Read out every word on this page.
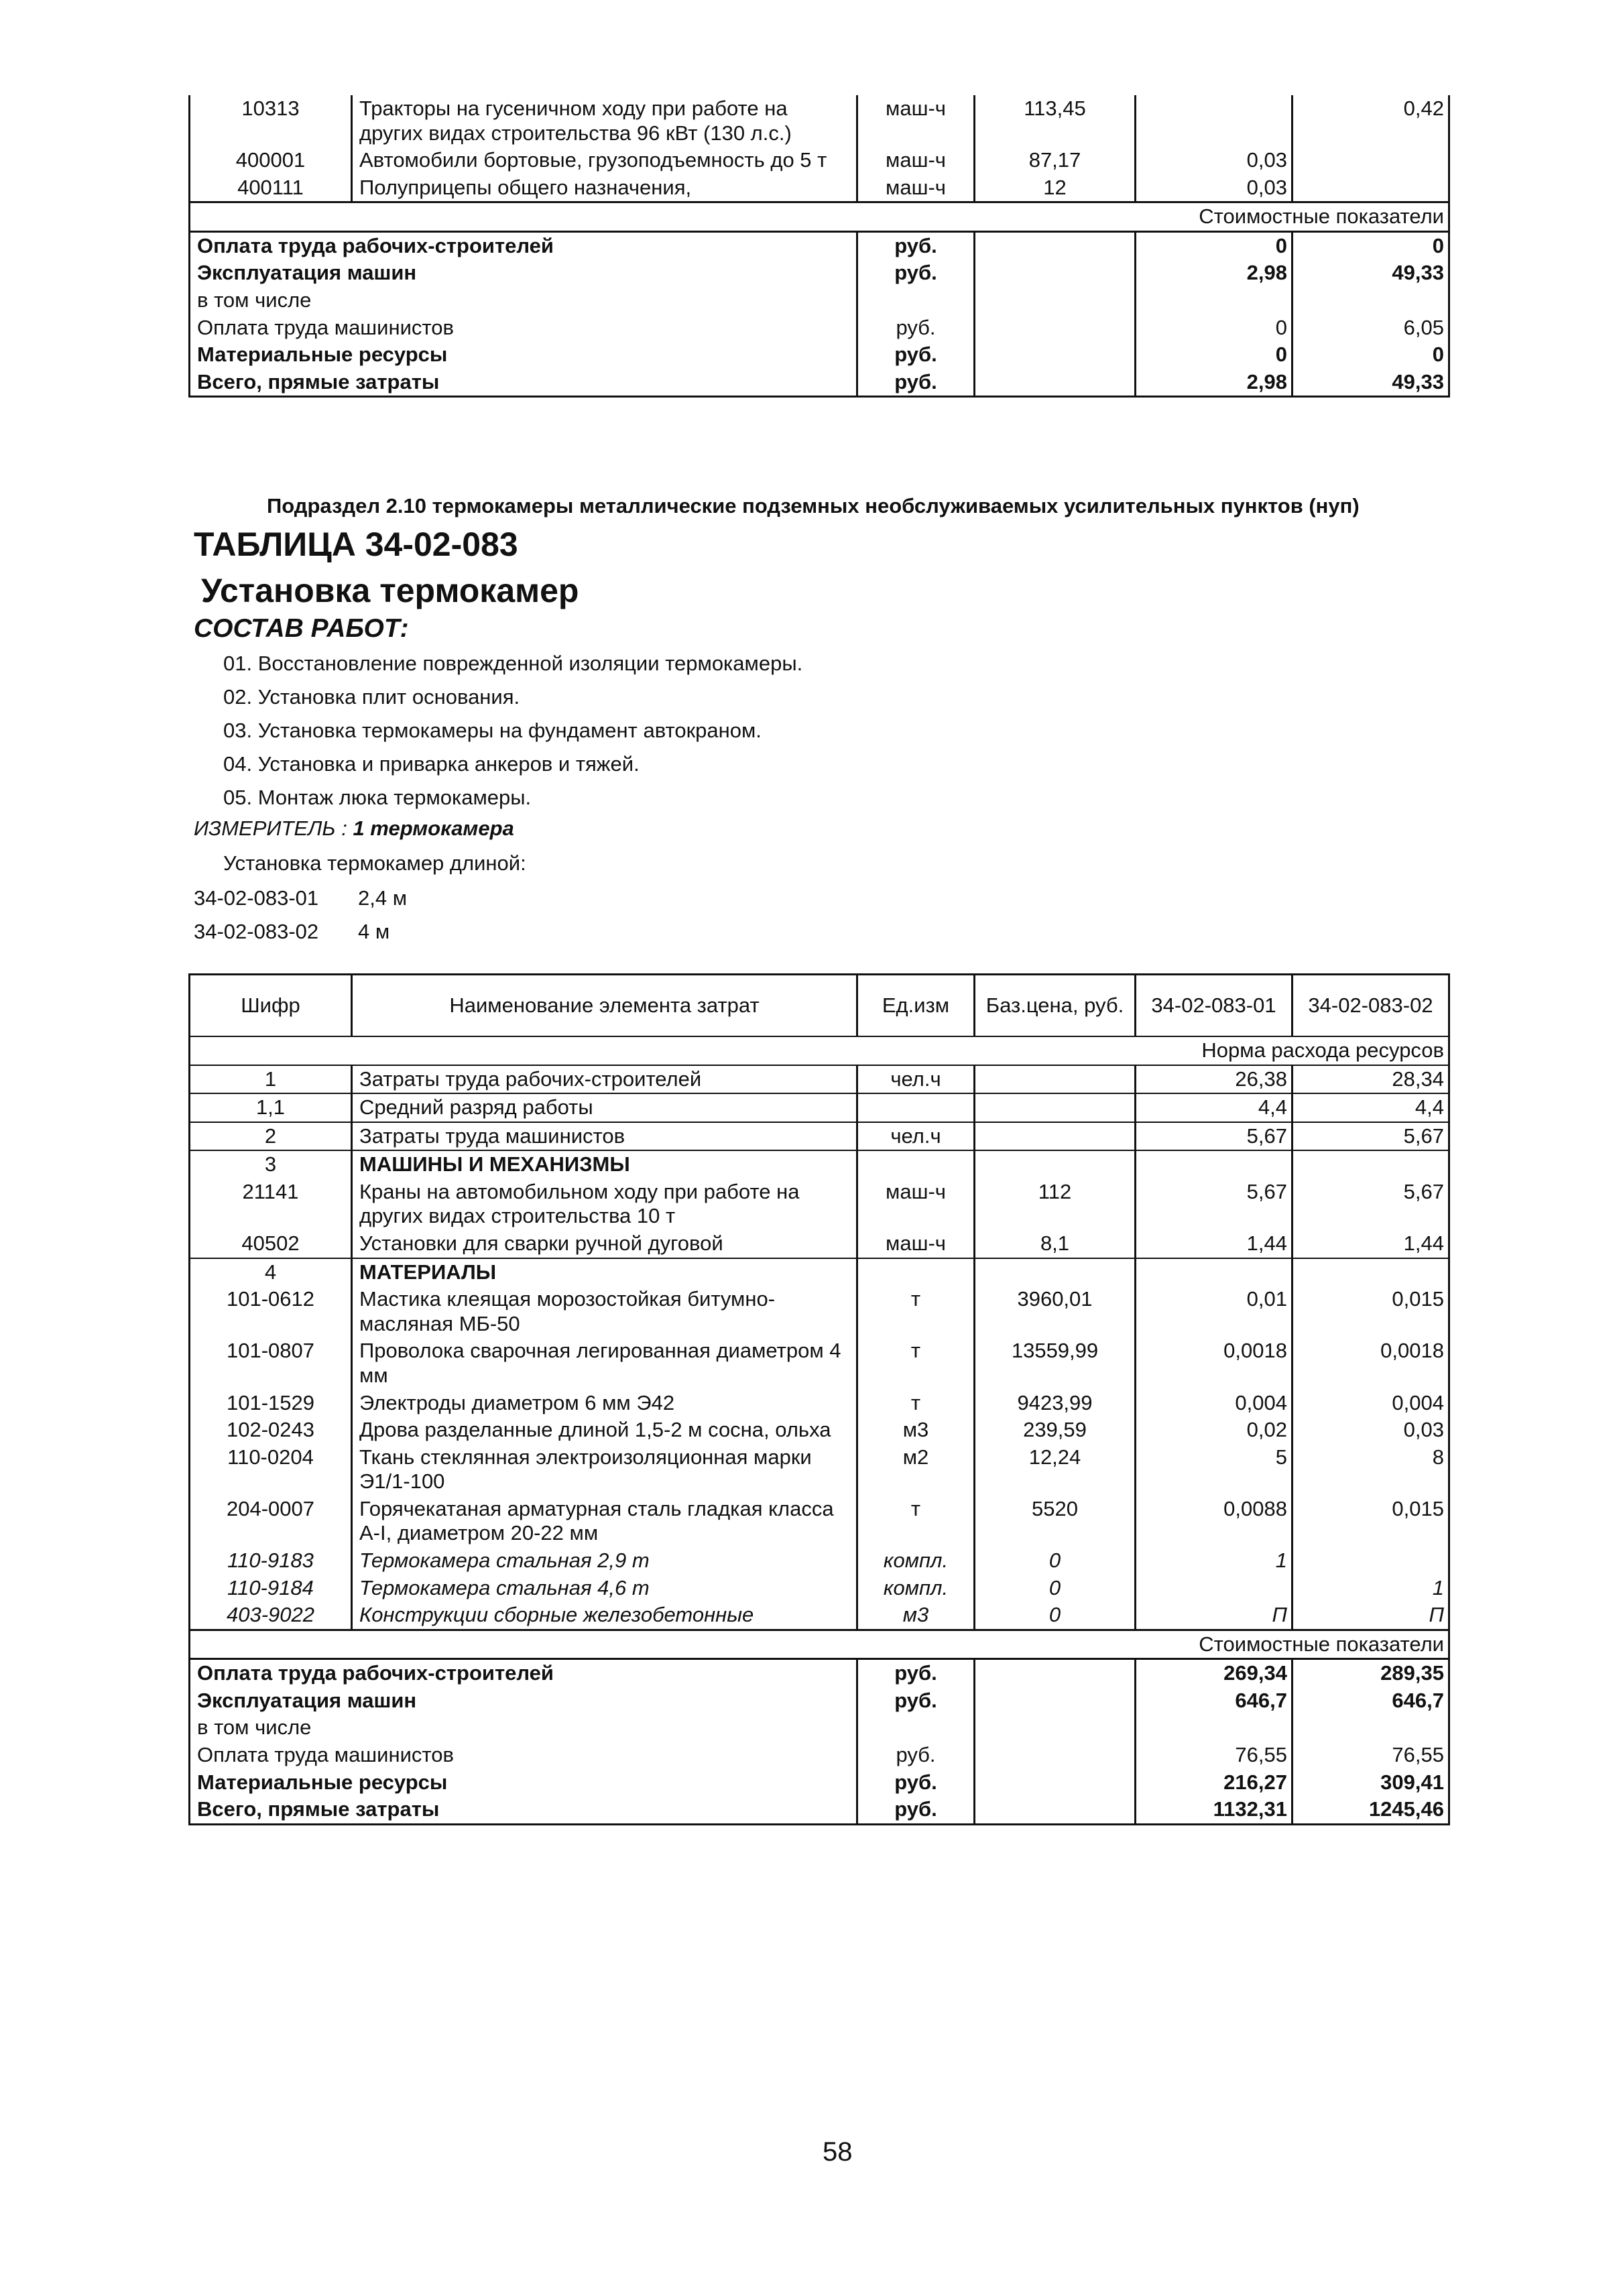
10313	Тракторы на гусеничном ходу при работе на других видах строительства 96 кВт (130 л.с.)	маш-ч	113,45		0,42
400001	Автомобили бортовые, грузоподъемность до 5 т	маш-ч	87,17	0,03	
400111	Полуприцепы общего назначения,	маш-ч	12	0,03	
Стоимостные показатели					
Оплата труда рабочих-строителей		руб.		0	0
Эксплуатация машин		руб.		2,98	49,33
в том числе					
Оплата труда машинистов		руб.		0	6,05
Материальные ресурсы		руб.		0	0
Всего, прямые затраты		руб.		2,98	49,33
Подраздел 2.10 термокамеры металлические подземных необслуживаемых усилительных пунктов (нуп)
ТАБЛИЦА 34-02-083
Установка термокамер
СОСТАВ РАБОТ:
01. Восстановление поврежденной изоляции термокамеры.
02. Установка плит основания.
03. Установка термокамеры на фундамент автокраном.
04. Установка и приварка анкеров и тяжей.
05. Монтаж люка термокамеры.
ИЗМЕРИТЕЛЬ : 1 термокамера
Установка термокамер длиной:
34-02-083-01 2,4 м
34-02-083-02 4 м
Шифр	Наименование элемента затрат	Ед.изм	Баз.цена, руб.	34-02-083-01	34-02-083-02
Норма расхода ресурсов					
1	Затраты труда рабочих-строителей	чел.ч		26,38	28,34
1,1	Средний разряд работы			4,4	4,4
2	Затраты труда машинистов	чел.ч		5,67	5,67
3	МАШИНЫ И МЕХАНИЗМЫ				
21141	Краны на автомобильном ходу при работе на других видах строительства 10 т	маш-ч	112	5,67	5,67
40502	Установки для сварки ручной дуговой	маш-ч	8,1	1,44	1,44
4	МАТЕРИАЛЫ				
101-0612	Мастика клеящая морозостойкая битумно-масляная МБ-50	т	3960,01	0,01	0,015
101-0807	Проволока сварочная легированная диаметром 4 мм	т	13559,99	0,0018	0,0018
101-1529	Электроды диаметром 6 мм Э42	т	9423,99	0,004	0,004
102-0243	Дрова разделанные длиной 1,5-2 м сосна, ольха	м3	239,59	0,02	0,03
110-0204	Ткань стеклянная электроизоляционная марки Э1/1-100	м2	12,24	5	8
204-0007	Горячекатаная арматурная сталь гладкая класса А-I, диаметром 20-22 мм	т	5520	0,0088	0,015
110-9183	Термокамера стальная 2,9 т	компл.	0	1	
110-9184	Термокамера стальная 4,6 т	компл.	0		1
403-9022	Конструкции сборные железобетонные	м3	0	П	П
Стоимостные показатели					
Оплата труда рабочих-строителей		руб.		269,34	289,35
Эксплуатация машин		руб.		646,7	646,7
в том числе					
Оплата труда машинистов		руб.		76,55	76,55
Материальные ресурсы		руб.		216,27	309,41
Всего, прямые затраты		руб.		1132,31	1245,46
58
